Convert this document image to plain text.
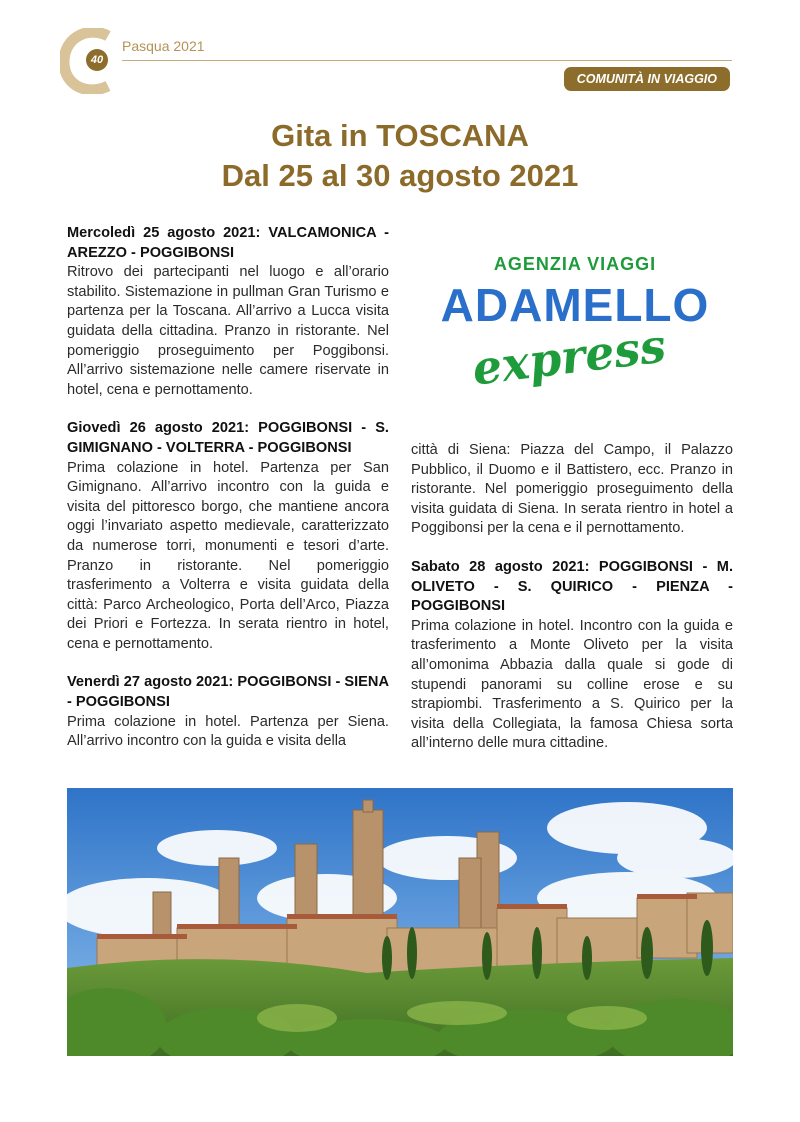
40
Pasqua 2021
COMUNITÀ IN VIAGGIO
Gita in TOSCANA
Dal 25 al 30 agosto 2021

Mercoledì 25 agosto 2021: VALCAMONICA - AREZZO - POGGIBONSI

Ritrovo dei partecipanti nel luogo e all’orario stabilito. Sistemazione in pullman Gran Turismo e partenza per la Toscana. All’arrivo a Lucca visita guidata della cittadina. Pranzo in ristorante. Nel pomeriggio proseguimento per Poggibonsi. All’arrivo sistemazione nelle camere riservate in hotel, cena e pernottamento.

Giovedì 26 agosto 2021: POGGIBONSI - S. GIMIGNANO - VOLTERRA - POGGIBONSI

Prima colazione in hotel. Partenza per San Gimignano. All’arrivo incontro con la guida e visita del pittoresco borgo, che mantiene ancora oggi l’invariato aspetto medievale, caratterizzato da numerose torri, monumenti e tesori d’arte. Pranzo in ristorante. Nel pomeriggio trasferimento a Volterra e visita guidata della città: Parco Archeologico, Porta dell’Arco, Piazza dei Priori e Fortezza. In serata rientro in hotel, cena e pernottamento.

Venerdì 27 agosto 2021: POGGIBONSI - SIENA - POGGIBONSI

Prima colazione in hotel. Partenza per Siena. All’arrivo incontro con la guida e visita della

AGENZIA VIAGGI
ADAMELLO
express

città di Siena: Piazza del Campo, il Palazzo Pubblico, il Duomo e il Battistero, ecc. Pranzo in ristorante. Nel pomeriggio proseguimento della visita guidata di Siena. In serata rientro in hotel a Poggibonsi per la cena e il pernottamento.

Sabato 28 agosto 2021: POGGIBONSI - M. OLIVETO - S. QUIRICO - PIENZA - POGGIBONSI

Prima colazione in hotel. Incontro con la guida e trasferimento a Monte Oliveto per la visita all’omonima Abbazia dalla quale si gode di stupendi panorami su colline erose e su strapiombi. Trasferimento a S. Quirico per la visita della Collegiata, la famosa Chiesa sorta all’interno delle mura cittadine.
